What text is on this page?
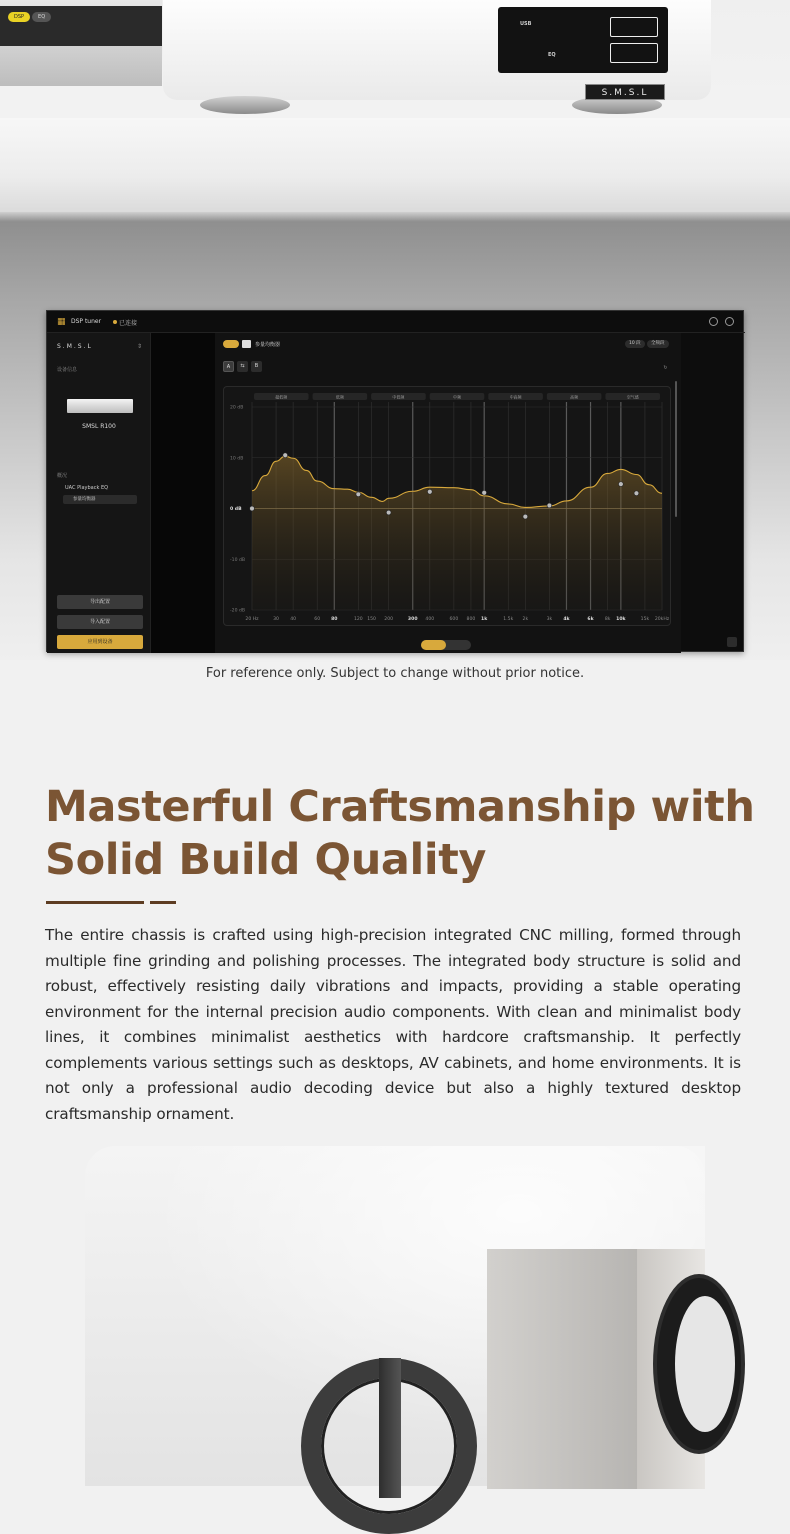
DSP	EQ
USB
EQ
S.M.S.L
▦ DSP tuner	已连接
S.M.S.L	⇕
设备信息
SMSL R100
概况
UAC Playback EQ
参量均衡器
导出配置
导入配置
应用到设备
参量均衡器	10 段	全频段
A	⇆	B	↻
超低频	低频	中低频	中频	中高频	高频	空气感
20 Hz	30 40	60 80	120 150 200	300 400	600 800 1k	1.5k 2k	3k 4k	6k 8k 10k	15k 20kHz
20 dB
10 dB
0 dB
-10 dB
-20 dB
For reference only. Subject to change without prior notice.
Masterful Craftsmanship with Solid Build Quality

The entire chassis is crafted using high-precision integrated CNC milling, formed through multiple fine grinding and polishing processes. The integrated body structure is solid and robust, effectively resisting daily vibrations and impacts, providing a stable operating environment for the internal precision audio components. With clean and minimalist body lines, it combines minimalist aesthetics with hardcore craftsmanship. It perfectly complements various settings such as desktops, AV cabinets, and home environments. It is not only a professional audio decoding device but also a highly textured desktop craftsmanship ornament.
